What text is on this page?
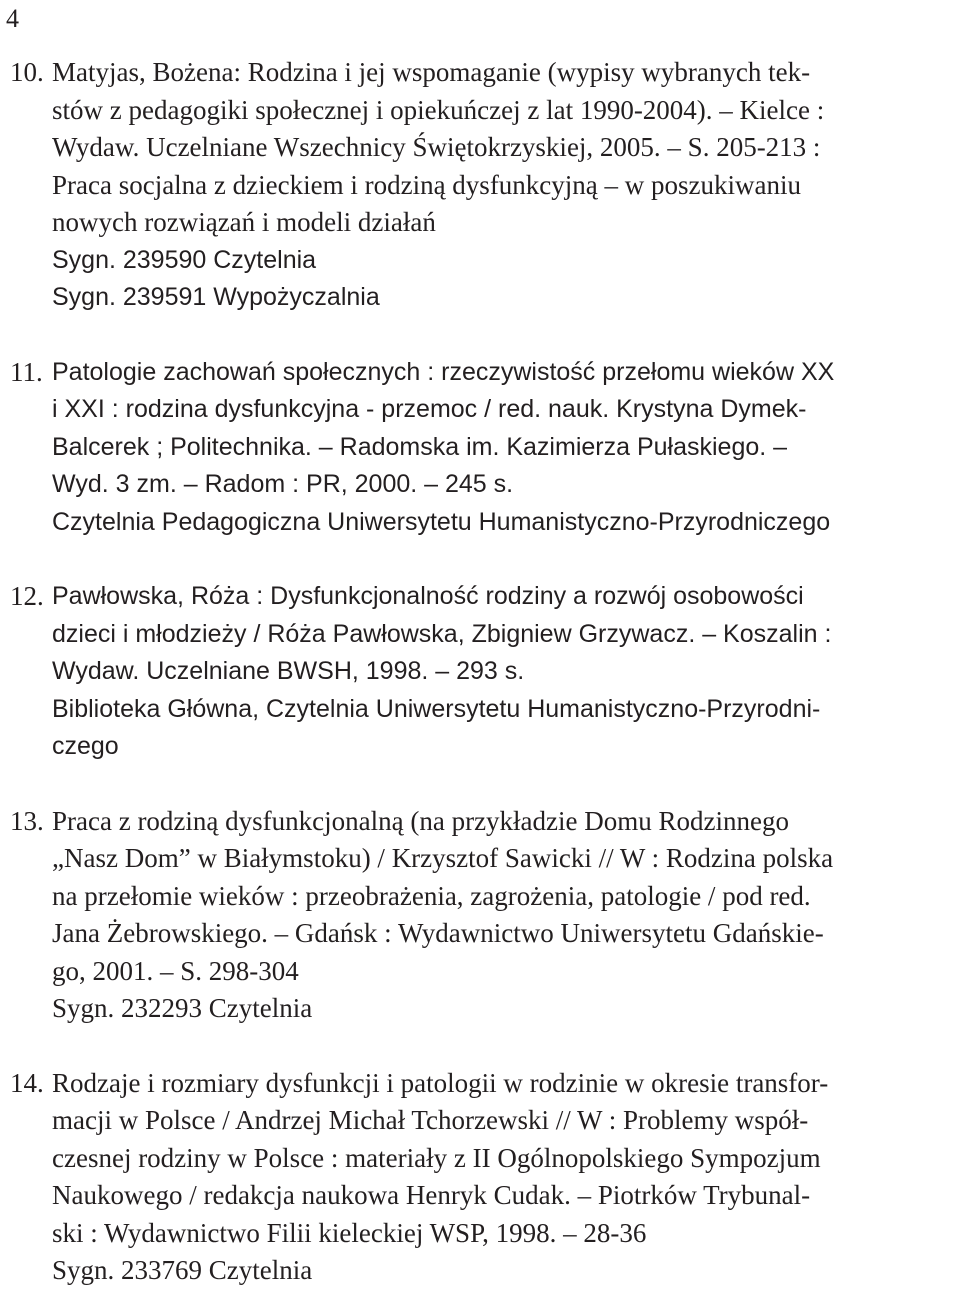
4
10. Matyjas, Bożena: Rodzina i jej wspomaganie (wypisy wybranych tek-
stów z pedagogiki społecznej i opiekuńczej z lat 1990-2004). – Kielce :
Wydaw. Uczelniane Wszechnicy Świętokrzyskiej, 2005. – S. 205-213 :
Praca socjalna z dzieckiem i rodziną dysfunkcyjną – w poszukiwaniu
nowych rozwiązań i modeli działań
Sygn. 239590 Czytelnia
Sygn. 239591 Wypożyczalnia
11. Patologie zachowań społecznych : rzeczywistość przełomu wieków XX
i XXI : rodzina dysfunkcyjna - przemoc / red. nauk. Krystyna Dymek-
Balcerek ; Politechnika. – Radomska im. Kazimierza Pułaskiego. –
Wyd. 3 zm. – Radom : PR, 2000. – 245 s.
Czytelnia Pedagogiczna Uniwersytetu Humanistyczno-Przyrodniczego
12. Pawłowska, Róża : Dysfunkcjonalność rodziny a rozwój osobowości
dzieci i młodzieży / Róża Pawłowska, Zbigniew Grzywacz. – Koszalin :
Wydaw. Uczelniane BWSH, 1998. – 293 s.
Biblioteka Główna, Czytelnia Uniwersytetu Humanistyczno-Przyrodni-
czego
13. Praca z rodziną dysfunkcjonalną (na przykładzie Domu Rodzinnego
„Nasz Dom” w Białymstoku) / Krzysztof Sawicki // W : Rodzina polska
na przełomie wieków : przeobrażenia, zagrożenia, patologie / pod red.
Jana Żebrowskiego. – Gdańsk : Wydawnictwo Uniwersytetu Gdańskie-
go, 2001. – S. 298-304
Sygn. 232293 Czytelnia
14. Rodzaje i rozmiary dysfunkcji i patologii w rodzinie w okresie transfor-
macji w Polsce / Andrzej Michał Tchorzewski // W : Problemy współ-
czesnej rodziny w Polsce : materiały z II Ogólnopolskiego Sympozjum
Naukowego / redakcja naukowa Henryk Cudak. – Piotrków Trybunal-
ski : Wydawnictwo Filii kieleckiej WSP, 1998. – 28-36
Sygn. 233769 Czytelnia
